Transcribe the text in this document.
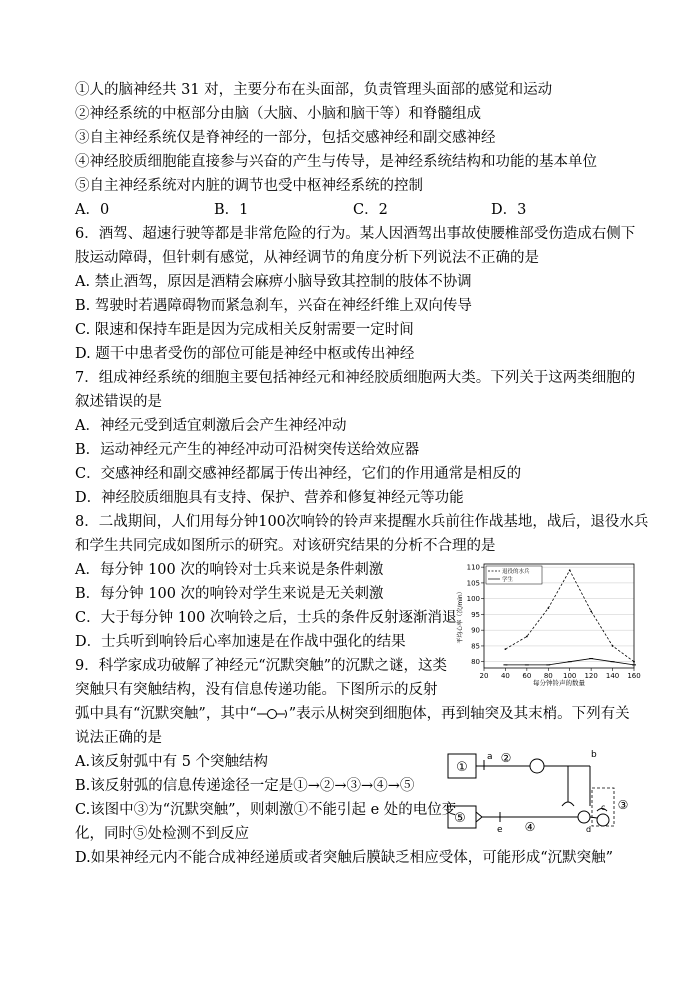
①人的脑神经共 31 对，主要分布在头面部，负责管理头面部的感觉和运动
②神经系统的中枢部分由脑（大脑、小脑和脑干等）和脊髓组成
③自主神经系统仅是脊神经的一部分，包括交感神经和副交感神经
④神经胶质细胞能直接参与兴奋的产生与传导，是神经系统结构和功能的基本单位
⑤自主神经系统对内脏的调节也受中枢神经系统的控制
A．0	B．1	C．2	D．3
6．酒驾、超速行驶等都是非常危险的行为。某人因酒驾出事故使腰椎部受伤造成右侧下
肢运动障碍，但针刺有感觉，从神经调节的角度分析下列说法不正确的是
A. 禁止酒驾，原因是酒精会麻痹小脑导致其控制的肢体不协调
B. 驾驶时若遇障碍物而紧急刹车，兴奋在神经纤维上双向传导
C. 限速和保持车距是因为完成相关反射需要一定时间
D. 题干中患者受伤的部位可能是神经中枢或传出神经
7．组成神经系统的细胞主要包括神经元和神经胶质细胞两大类。下列关于这两类细胞的
叙述错误的是
A．神经元受到适宜刺激后会产生神经冲动
B．运动神经元产生的神经冲动可沿树突传送给效应器
C．交感神经和副交感神经都属于传出神经，它们的作用通常是相反的
D．神经胶质细胞具有支持、保护、营养和修复神经元等功能
8．二战期间，人们用每分钟100次响铃的铃声来提醒水兵前往作战基地，战后，退役水兵
和学生共同完成如图所示的研究。对该研究结果的分析不合理的是
A．每分钟 100 次的响铃对士兵来说是条件刺激
B．每分钟 100 次的响铃对学生来说是无关刺激
C．大于每分钟 100 次响铃之后，士兵的条件反射逐渐消退
D．士兵听到响铃后心率加速是在作战中强化的结果
80
85
90
95
100
105
110
20 40 60 80 100 120 140 160
平均心率（次/min）
每分钟铃声的数量
退役的水兵
学生
9．科学家成功破解了神经元“沉默突触”的沉默之谜，这类
突触只有突触结构，没有信息传递功能。下图所示的反射
弧中具有“沉默突触”，其中“ ”表示从树突到细胞体，再到轴突及其末梢。下列有关
说法正确的是
A.该反射弧中有 5 个突触结构
B.该反射弧的信息传递途径一定是①→②→③→④→⑤
C.该图中③为“沉默突触”，则刺激①不能引起 e 处的电位变
化，同时⑤处检测不到反应
D.如果神经元内不能合成神经递质或者突触后膜缺乏相应受体，可能形成“沉默突触”
①
a ②	b
c ③
⑤
e ④	d
